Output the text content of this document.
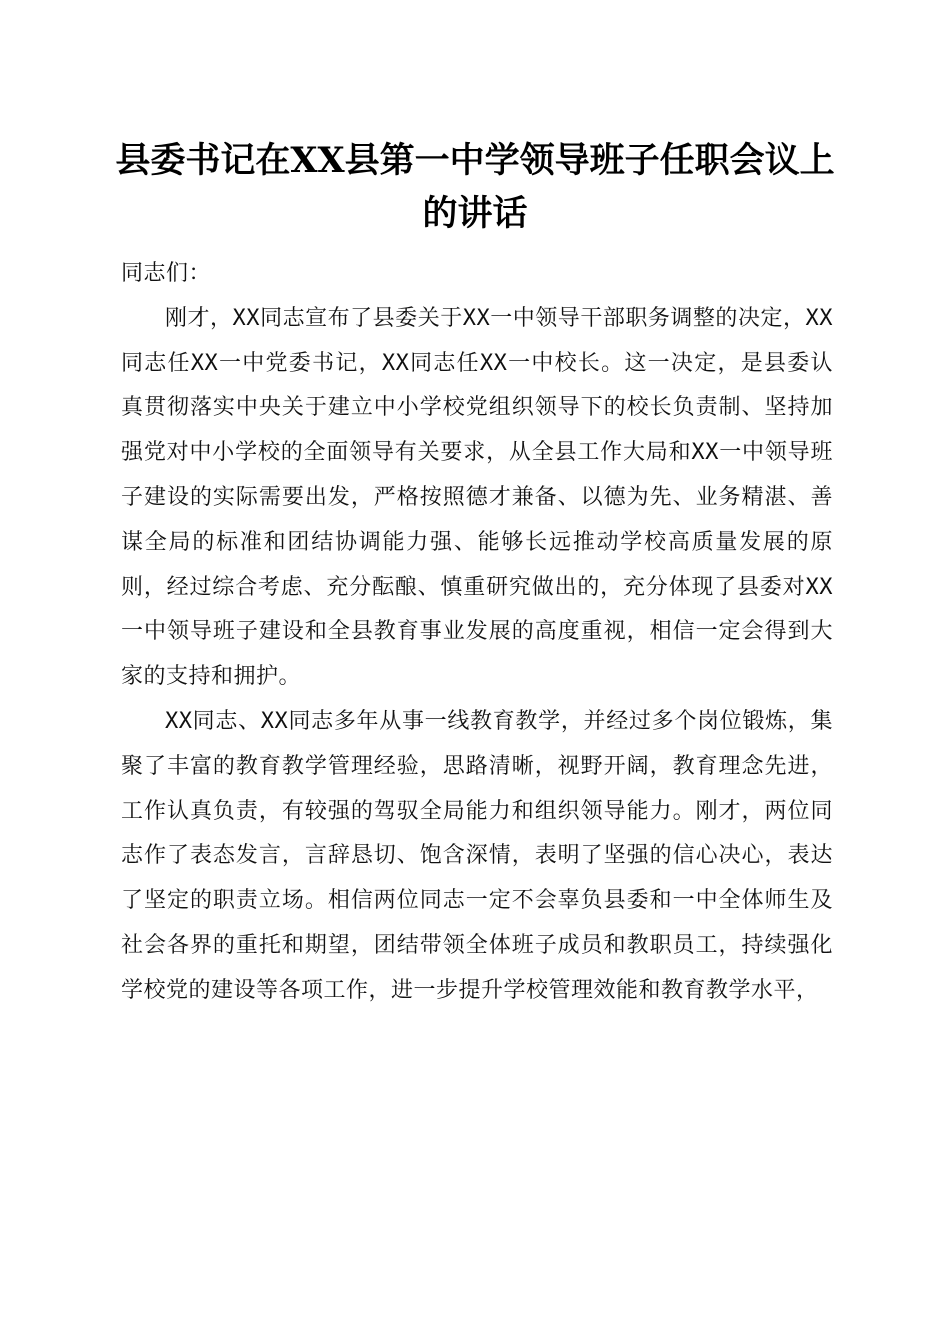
县委书记在XX县第一中学领导班子任职会议上的讲话

同志们：

刚才，XX同志宣布了县委关于XX一中领导干部职务调整的决定，XX同志任XX一中党委书记，XX同志任XX一中校长。这一决定，是县委认真贯彻落实中央关于建立中小学校党组织领导下的校长负责制、坚持加强党对中小学校的全面领导有关要求，从全县工作大局和XX一中领导班子建设的实际需要出发，严格按照德才兼备、以德为先、业务精湛、善谋全局的标准和团结协调能力强、能够长远推动学校高质量发展的原则，经过综合考虑、充分酝酿、慎重研究做出的，充分体现了县委对XX一中领导班子建设和全县教育事业发展的高度重视，相信一定会得到大家的支持和拥护。

XX同志、XX同志多年从事一线教育教学，并经过多个岗位锻炼，集聚了丰富的教育教学管理经验，思路清晰，视野开阔，教育理念先进，工作认真负责，有较强的驾驭全局能力和组织领导能力。刚才，两位同志作了表态发言，言辞恳切、饱含深情，表明了坚强的信心决心，表达了坚定的职责立场。相信两位同志一定不会辜负县委和一中全体师生及社会各界的重托和期望，团结带领全体班子成员和教职员工，持续强化学校党的建设等各项工作，进一步提升学校管理效能和教育教学水平，
